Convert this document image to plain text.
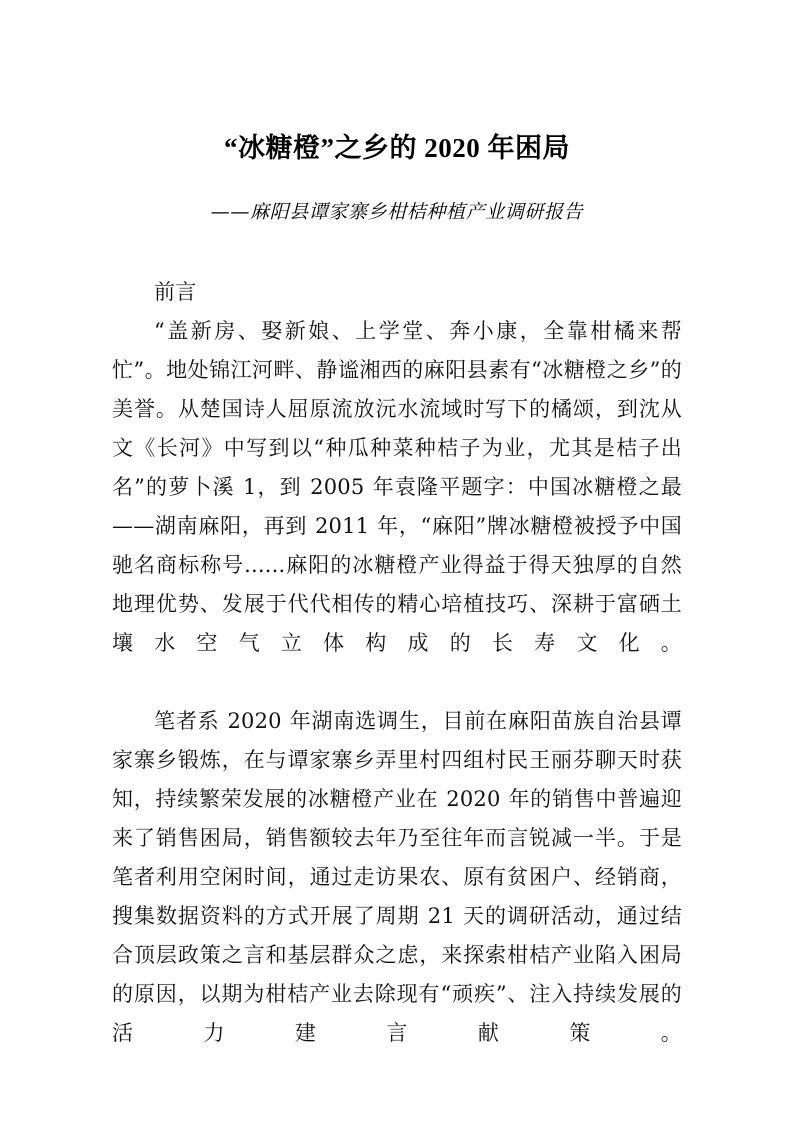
“冰糖橙”之乡的 2020 年困局
——麻阳县谭家寨乡柑桔种植产业调研报告

前言

“盖新房、娶新娘、上学堂、奔小康，全靠柑橘来帮忙”。地处锦江河畔、静谧湘西的麻阳县素有“冰糖橙之乡”的美誉。从楚国诗人屈原流放沅水流域时写下的橘颂，到沈从文《长河》中写到以“种瓜种菜种桔子为业，尤其是桔子出名”的萝卜溪 1，到 2005 年袁隆平题字：中国冰糖橙之最——湖南麻阳，再到 2011 年，“麻阳”牌冰糖橙被授予中国驰名商标称号......麻阳的冰糖橙产业得益于得天独厚的自然地理优势、发展于代代相传的精心培植技巧、深耕于富硒土壤水空气立体构成的长寿文化。

笔者系 2020 年湖南选调生，目前在麻阳苗族自治县谭家寨乡锻炼，在与谭家寨乡弄里村四组村民王丽芬聊天时获知，持续繁荣发展的冰糖橙产业在 2020 年的销售中普遍迎来了销售困局，销售额较去年乃至往年而言锐减一半。于是笔者利用空闲时间，通过走访果农、原有贫困户、经销商，搜集数据资料的方式开展了周期 21 天的调研活动，通过结合顶层政策之言和基层群众之虑，来探索柑桔产业陷入困局的原因，以期为柑桔产业去除现有“顽疾”、注入持续发展的活力建言献策。
